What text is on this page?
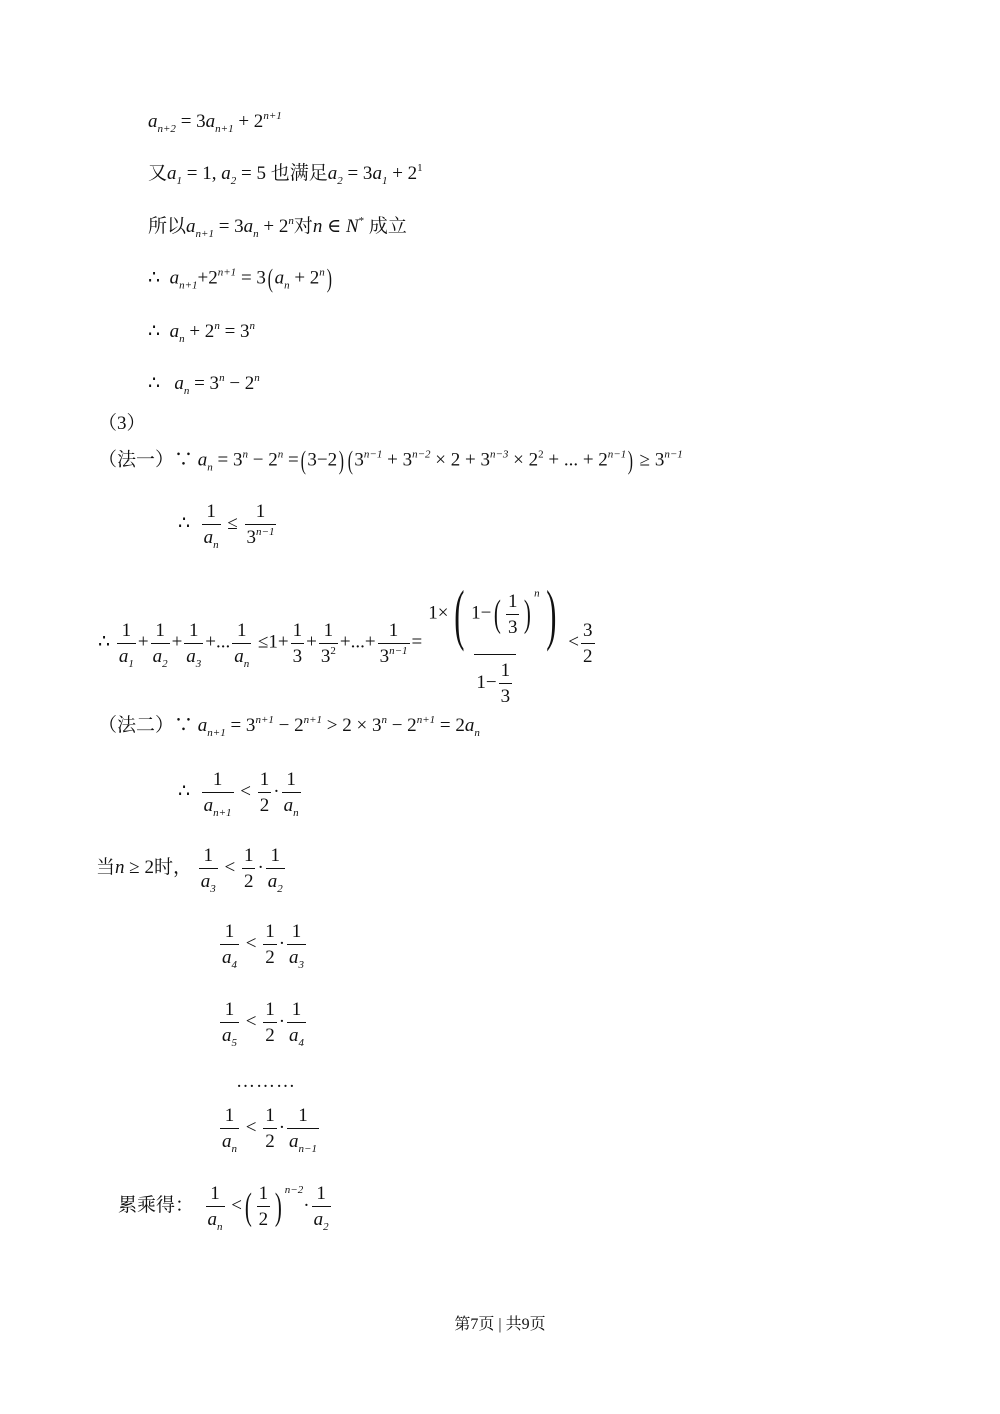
$a_{n+2} = 3a_{n+1} + 2^{n+1}$
又$a_1 = 1$, $a_2 = 5$ 也满足$a_2 = 3a_1 + 2^1$
所以$a_{n+1} = 3a_n + 2^n$对n ∈ N* 成立
∴ $a_{n+1}+2^{n+1} = 3(a_n + 2^n)$
∴ $a_n + 2^n = 3^n$
∴ $a_n = 3^n - 2^n$
（3）
（法一）∵ $a_n = 3^n - 2^n =(3-2) (3^{n-1} + 3^{n-2} \times 2 + 3^{n-3} \times 2^2$ + ... + $2^{n-1}) \ge 3^{n-1}$
∴ $\frac{1}{a_n} \le \frac{1}{3^{n-1}}$
∴ $\frac{1}{a_1} + \frac{1}{a_2} + \frac{1}{a_3}$ +... $\frac{1}{a_n} \le 1+ \frac{1}{3} + \frac{1}{3^2}$ +...+ $\frac{1}{3^{n-1}} = \frac{1\times( 1-( \frac{1}{3} ) ^n)}{1- \frac{1}{3}} < \frac{3}{2}$
（法二）∵ $a_{n+1} = 3^{n+1} - 2^{n+1} > 2 \times 3^n - 2^{n+1} = 2a_n$
∴ $\frac{1}{a_{n+1}} < \frac{1}{2} \cdot \frac{1}{a_n}$
当n ≥ 2时， $\frac{1}{a_3} < \frac{1}{2} \cdot \frac{1}{a_2}$
$\frac{1}{a_4} < \frac{1}{2} \cdot \frac{1}{a_3}$
$\frac{1}{a_5} < \frac{1}{2} \cdot \frac{1}{a_4}$
………
$\frac{1}{a_n} < \frac{1}{2} \cdot \frac{1}{a_{n-1}}$
累乘得： $\frac{1}{a_n}$ <( $\frac{1}{2}$ ) $^{n-2}\cdot \frac{1}{a_2}$
第7页 | 共9页
